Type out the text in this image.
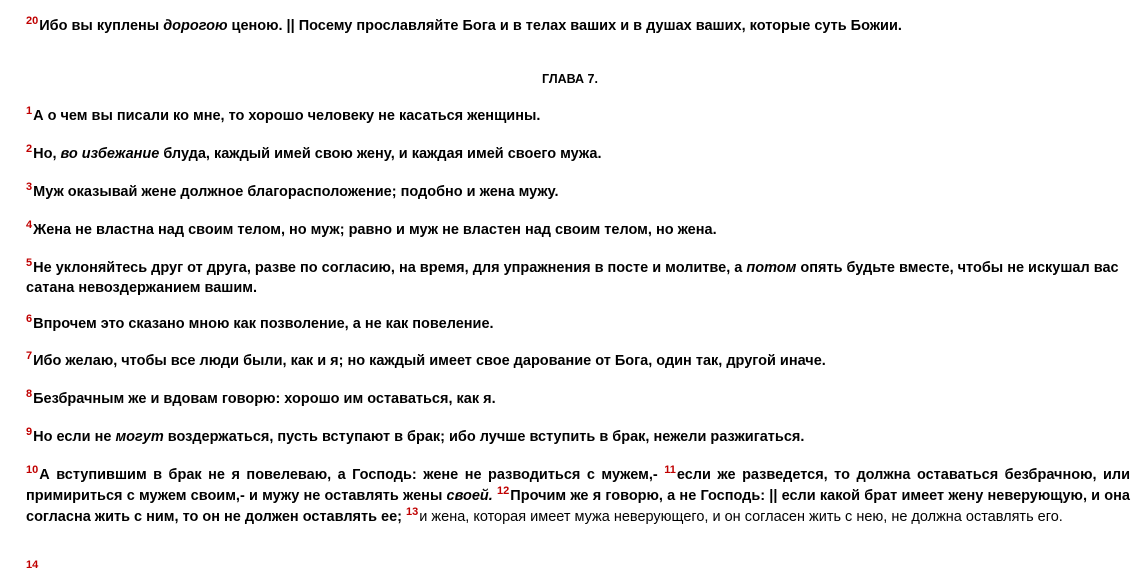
$^{20}$Ибо вы куплены дорогою ценою. || Посему прославляйте Бога и в телах ваших и в душах ваших, которые суть Божии.

ГЛАВА 7.

$^1$А о чем вы писали ко мне, то хорошо человеку не касаться женщины.

$^2$Но, во избежание блуда, каждый имей свою жену, и каждая имей своего мужа.

$^3$Муж оказывай жене должное благорасположение; подобно и жена мужу.

$^4$Жена не властна над своим телом, но муж; равно и муж не властен над своим телом, но жена.

$^5$Не уклоняйтесь друг от друга, разве по согласию, на время, для упражнения в посте и молитве, а потом опять будьте вместе, чтобы не искушал вас сатана невоздержанием вашим.

$^6$Впрочем это сказано мною как позволение, а не как повеление.

$^7$Ибо желаю, чтобы все люди были, как и я; но каждый имеет свое дарование от Бога, один так, другой иначе.

$^8$Безбрачным же и вдовам говорю: хорошо им оставаться, как я.

$^9$Но если не могут воздержаться, пусть вступают в брак; ибо лучше вступить в брак, нежели разжигаться.

$^{10}$А вступившим в брак не я повелеваю, а Господь: жене не разводиться с мужем,- $^{11}$если же разведется, то должна оставаться безбрачною, или примириться с мужем своим,- и мужу не оставлять жены своей. $^{12}$Прочим же я говорю, а не Господь: || если какой брат имеет жену неверующую, и она согласна жить с ним, то он не должен оставлять ее; $^{13}$и жена, которая имеет мужа неверующего, и он согласен жить с нею, не должна оставлять его.

$^{14}$
